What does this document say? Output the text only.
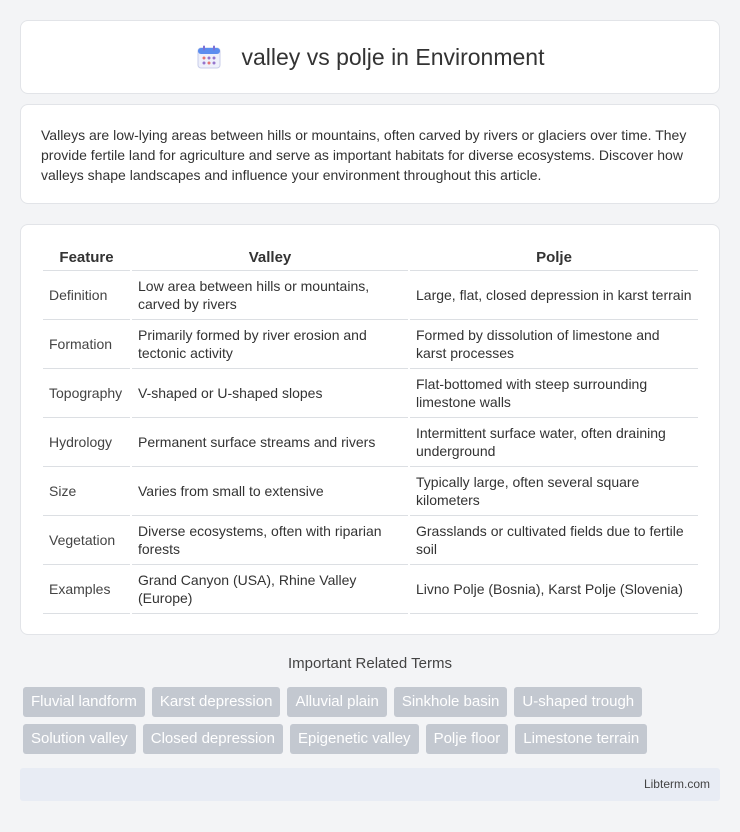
valley vs polje in Environment

Valleys are low-lying areas between hills or mountains, often carved by rivers or glaciers over time. They provide fertile land for agriculture and serve as important habitats for diverse ecosystems. Discover how valleys shape landscapes and influence your environment throughout this article.

Feature	Valley	Polje
Definition	Low area between hills or mountains, carved by rivers	Large, flat, closed depression in karst terrain
Formation	Primarily formed by river erosion and tectonic activity	Formed by dissolution of limestone and karst processes
Topography	V-shaped or U-shaped slopes	Flat-bottomed with steep surrounding limestone walls
Hydrology	Permanent surface streams and rivers	Intermittent surface water, often draining underground
Size	Varies from small to extensive	Typically large, often several square kilometers
Vegetation	Diverse ecosystems, often with riparian forests	Grasslands or cultivated fields due to fertile soil
Examples	Grand Canyon (USA), Rhine Valley (Europe)	Livno Polje (Bosnia), Karst Polje (Slovenia)
Important Related Terms
Fluvial landform	Karst depression	Alluvial plain	Sinkhole basin	U-shaped trough
Solution valley	Closed depression	Epigenetic valley	Polje floor	Limestone terrain
Libterm.com
